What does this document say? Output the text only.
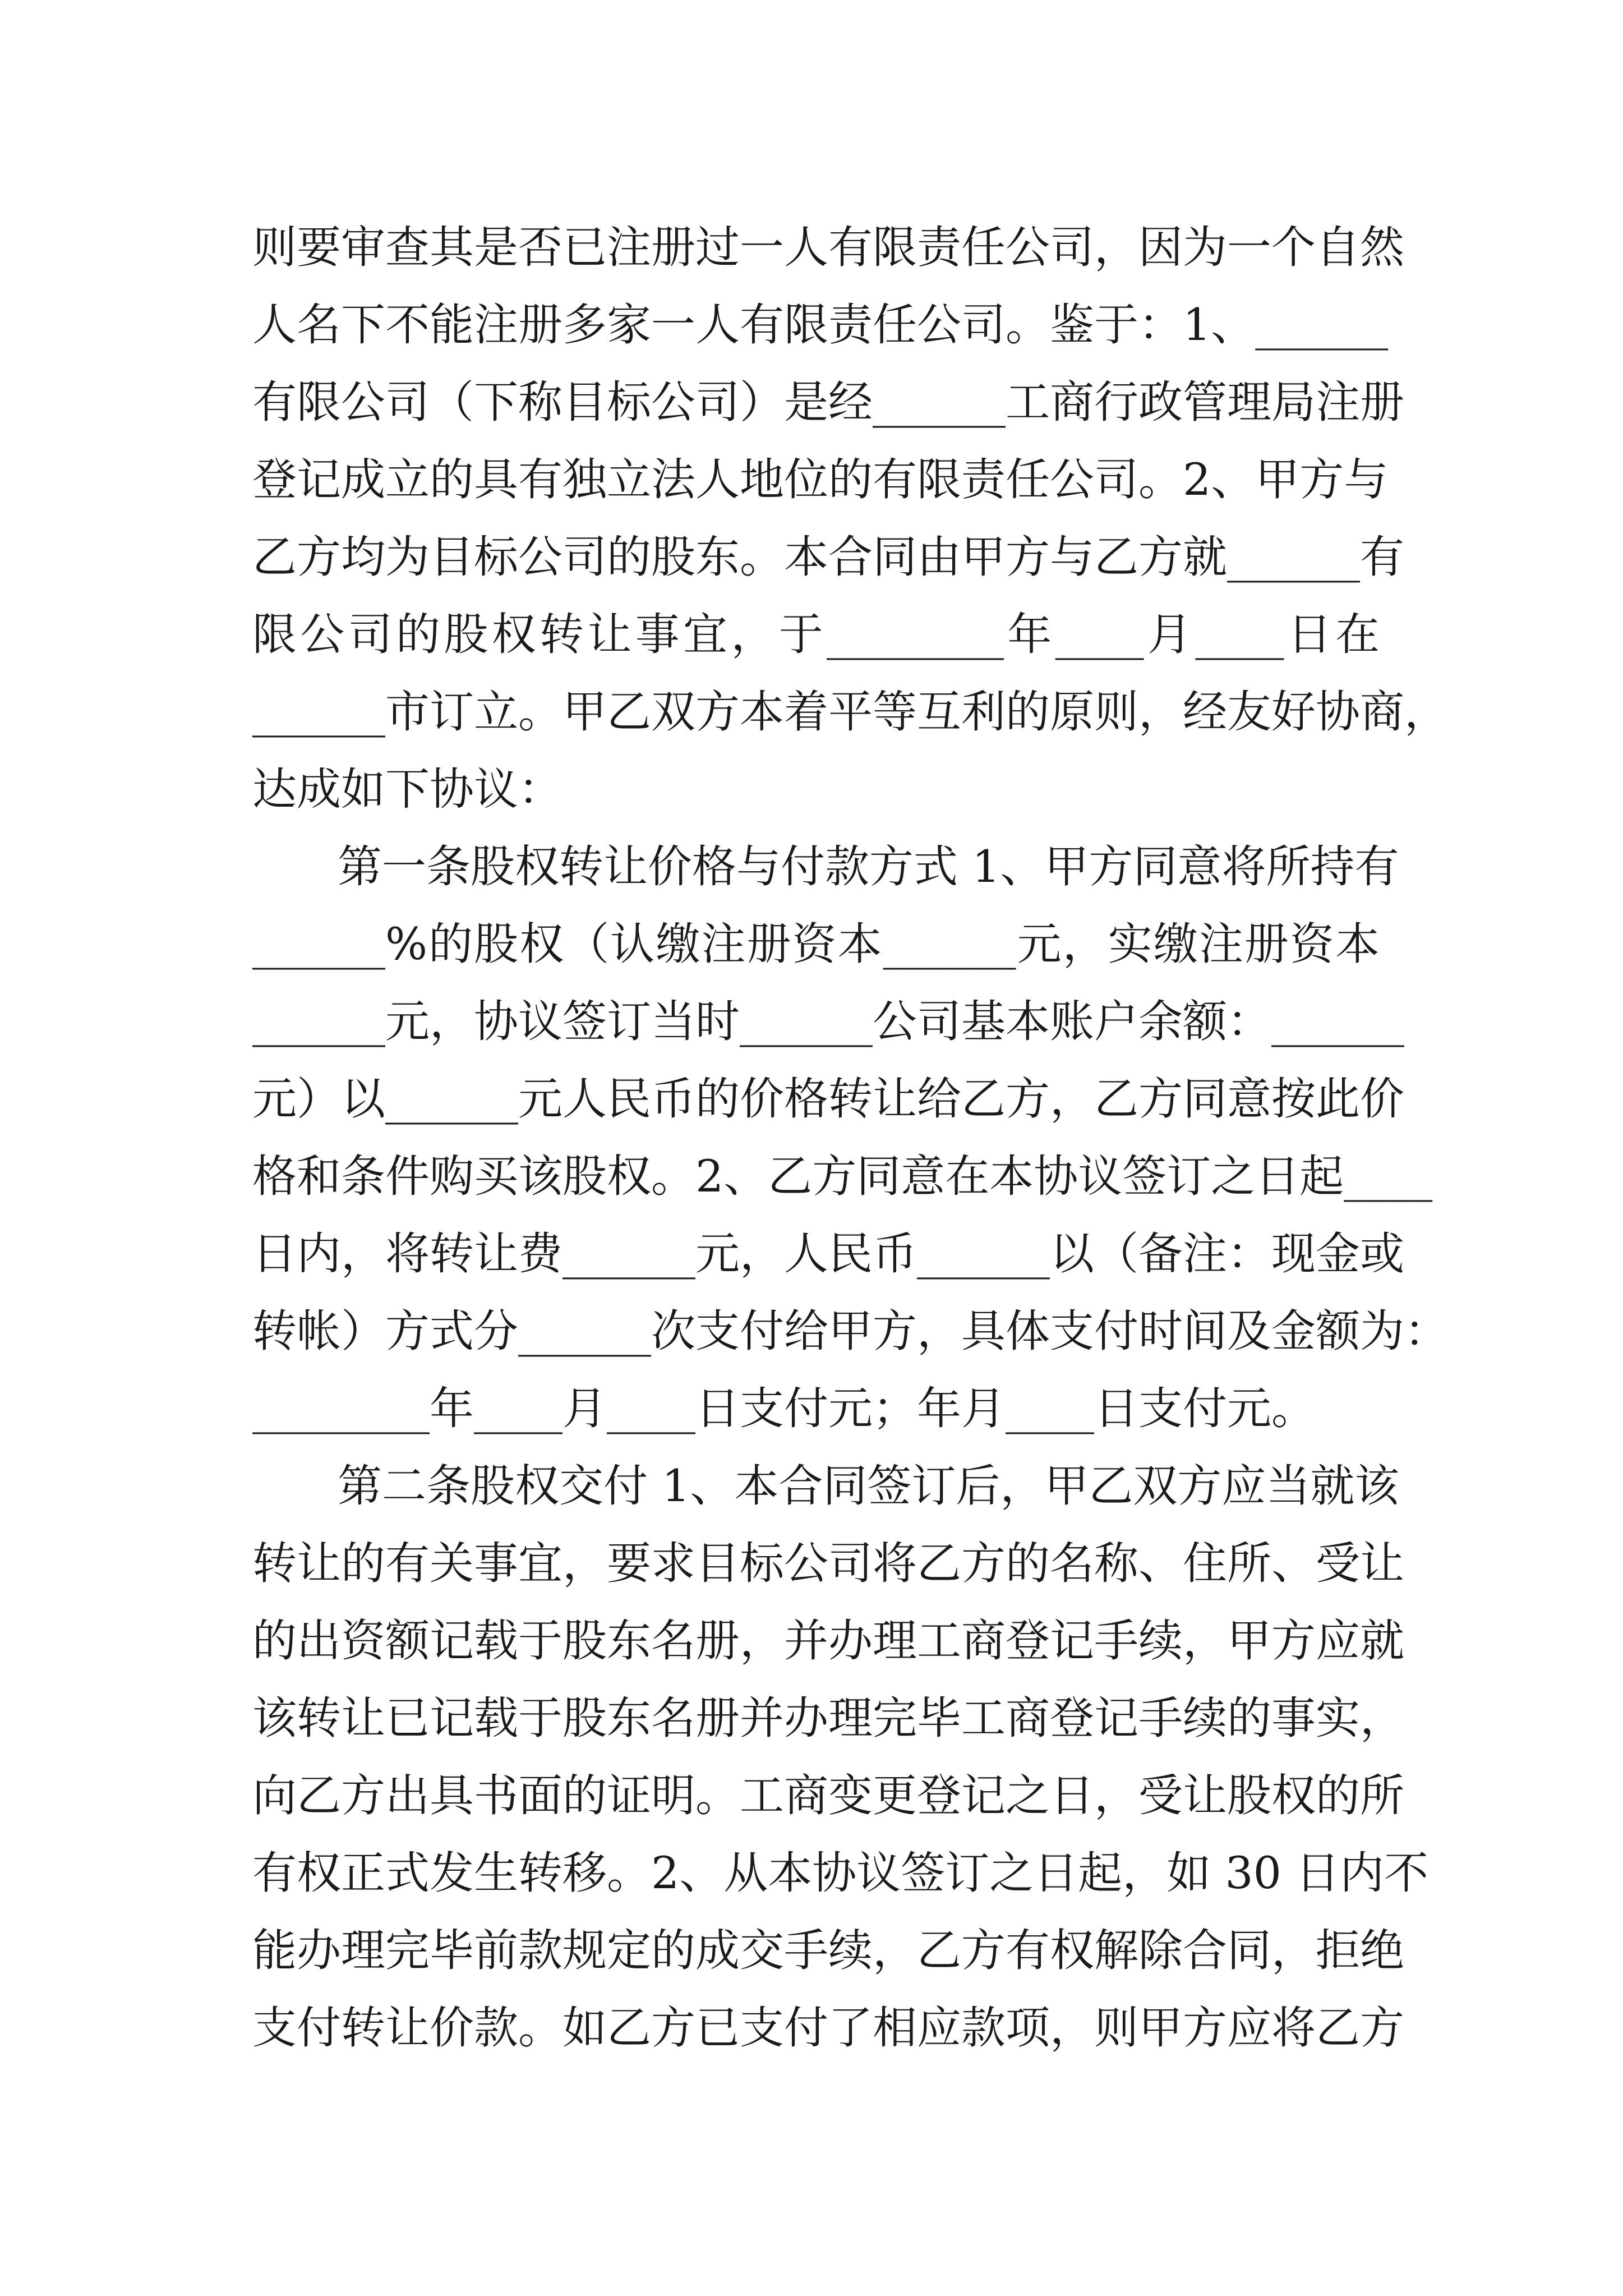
则要审查其是否已注册过一人有限责任公司，因为一个自然
人名下不能注册多家一人有限责任公司。鉴于：1、______
有限公司（下称目标公司）是经______工商行政管理局注册
登记成立的具有独立法人地位的有限责任公司。2、甲方与
乙方均为目标公司的股东。本合同由甲方与乙方就______有
限公司的股权转让事宜，于________年____月____日在
______市订立。甲乙双方本着平等互利的原则，经友好协商，
达成如下协议：
第一条股权转让价格与付款方式 1、甲方同意将所持有
______%的股权（认缴注册资本______元，实缴注册资本
______元，协议签订当时______公司基本账户余额：______
元）以______元人民币的价格转让给乙方，乙方同意按此价
格和条件购买该股权。2、乙方同意在本协议签订之日起____
日内，将转让费______元，人民币______以（备注：现金或
转帐）方式分______次支付给甲方，具体支付时间及金额为：
________年____月____日支付元；年月____日支付元。
第二条股权交付 1、本合同签订后，甲乙双方应当就该
转让的有关事宜，要求目标公司将乙方的名称、住所、受让
的出资额记载于股东名册，并办理工商登记手续，甲方应就
该转让已记载于股东名册并办理完毕工商登记手续的事实，
向乙方出具书面的证明。工商变更登记之日，受让股权的所
有权正式发生转移。2、从本协议签订之日起，如 30 日内不
能办理完毕前款规定的成交手续，乙方有权解除合同，拒绝
支付转让价款。如乙方已支付了相应款项，则甲方应将乙方
